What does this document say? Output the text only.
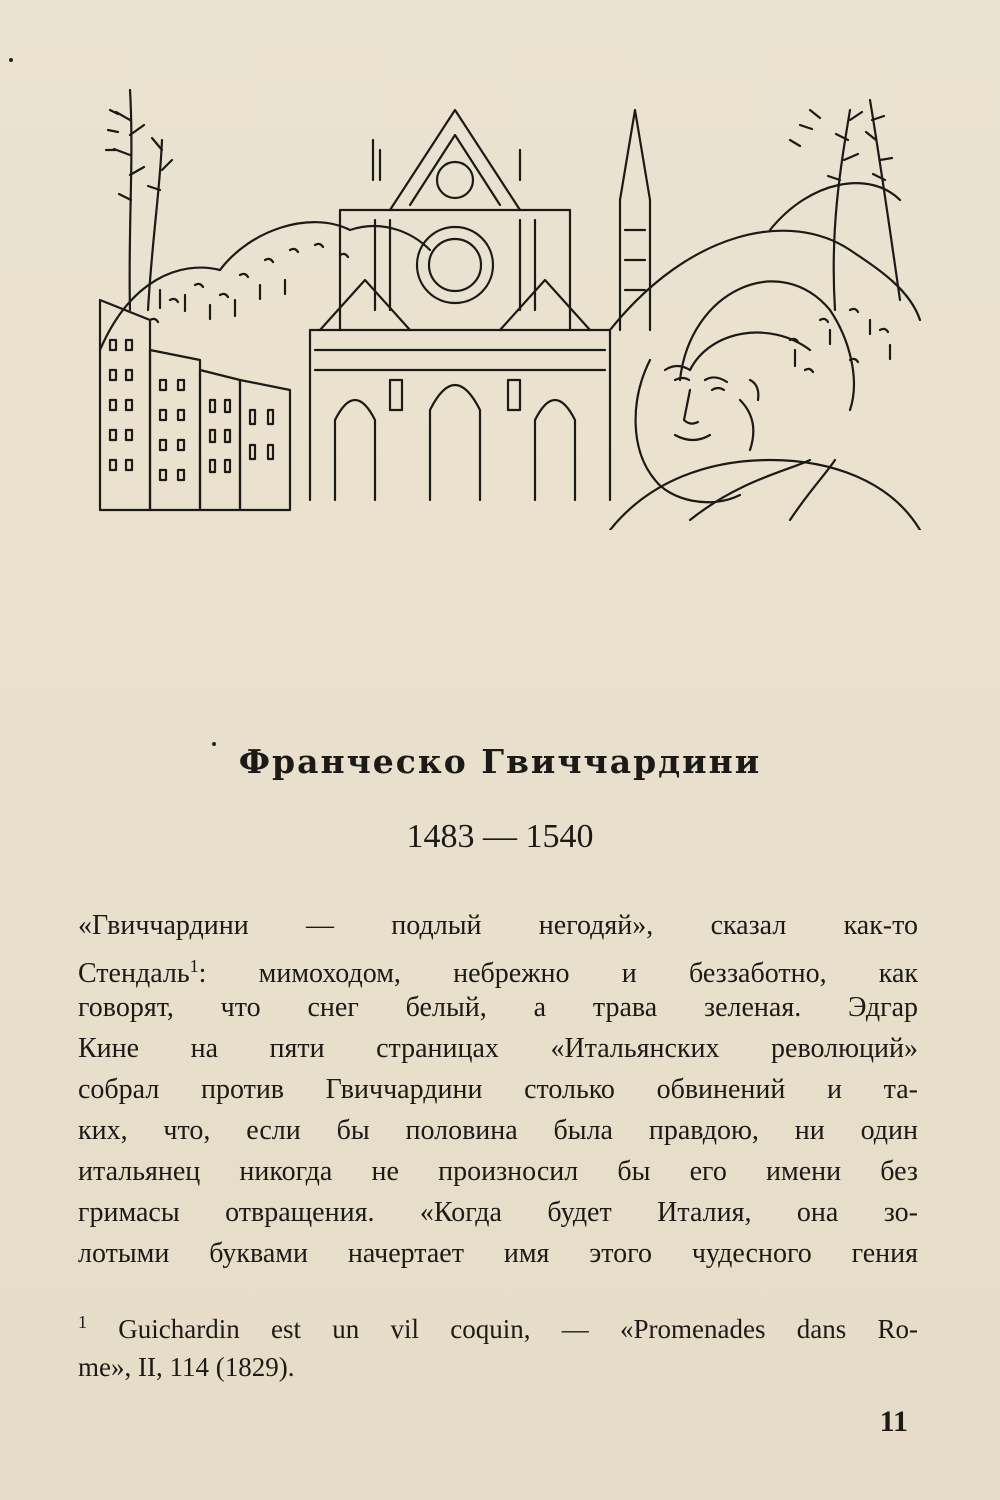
Франческо Гвиччардини
1483 — 1540
«Гвиччардини — подлый негодяй», сказал как-то
Стендаль$^1$: мимоходом, небрежно и беззаботно, как
говорят, что снег белый, а трава зеленая. Эдгар
Кине на пяти страницах «Итальянских революций»
собрал против Гвиччардини столько обвинений и та-
ких, что, если бы половина была правдою, ни один
итальянец никогда не произносил бы его имени без
гримасы отвращения. «Когда будет Италия, она зо-
лотыми буквами начертает имя этого чудесного гения
$^1$ Guichardin est un vil coquin, — «Promenades dans Ro-
me», II, 114 (1829).
11
